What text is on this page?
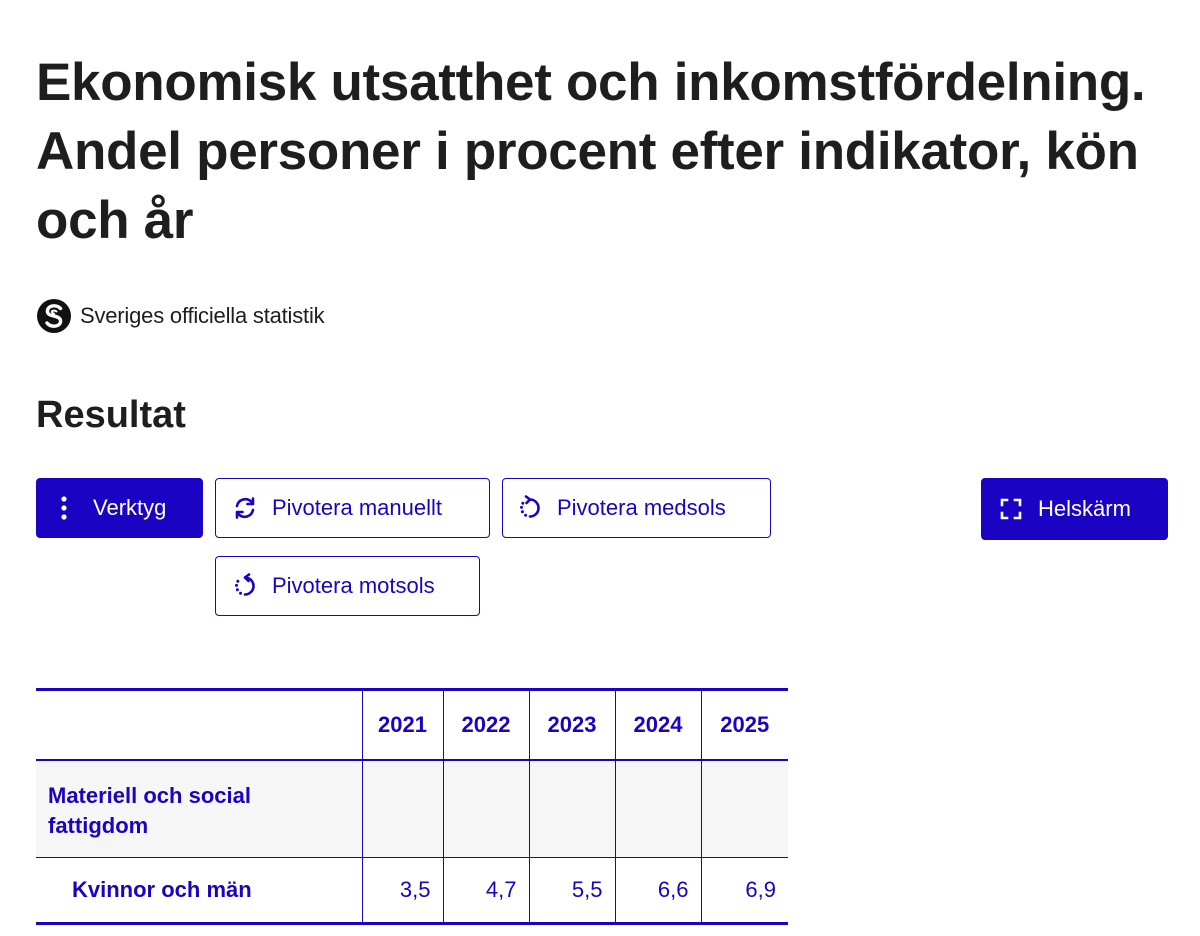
Ekonomisk utsatthet och inkomstfördelning. Andel personer i procent efter indikator, kön och år
Sveriges officiella statistik
Resultat
Verktyg	Pivotera manuellt	Pivotera medsols
Pivotera motsols
Helskärm
	2021	2022	2023	2024	2025
Materiell och social fattigdom					
Kvinnor och män	3,5	4,7	5,5	6,6	6,9
